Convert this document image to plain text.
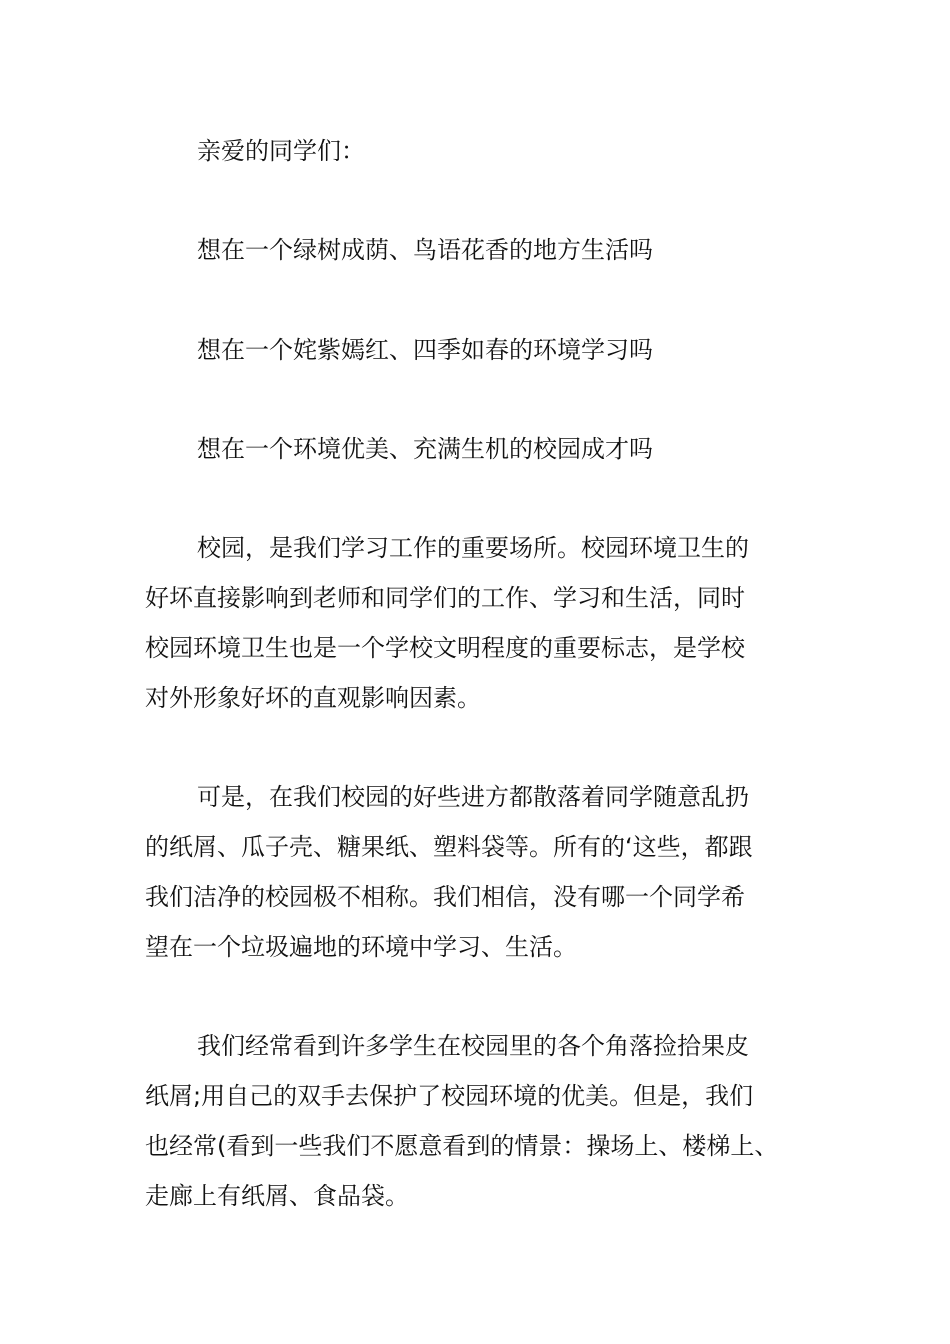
亲爱的同学们：

想在一个绿树成荫、鸟语花香的地方生活吗

想在一个姹紫嫣红、四季如春的环境学习吗

想在一个环境优美、充满生机的校园成才吗

校园，是我们学习工作的重要场所。校园环境卫生的
好坏直接影响到老师和同学们的工作、学习和生活，同时
校园环境卫生也是一个学校文明程度的重要标志，是学校
对外形象好坏的直观影响因素。

可是，在我们校园的好些进方都散落着同学随意乱扔
的纸屑、瓜子壳、糖果纸、塑料袋等。所有的‘这些，都跟
我们洁净的校园极不相称。我们相信，没有哪一个同学希
望在一个垃圾遍地的环境中学习、生活。

我们经常看到许多学生在校园里的各个角落捡拾果皮
纸屑;用自己的双手去保护了校园环境的优美。但是，我们
也经常(看到一些我们不愿意看到的情景：操场上、楼梯上、
走廊上有纸屑、食品袋。
